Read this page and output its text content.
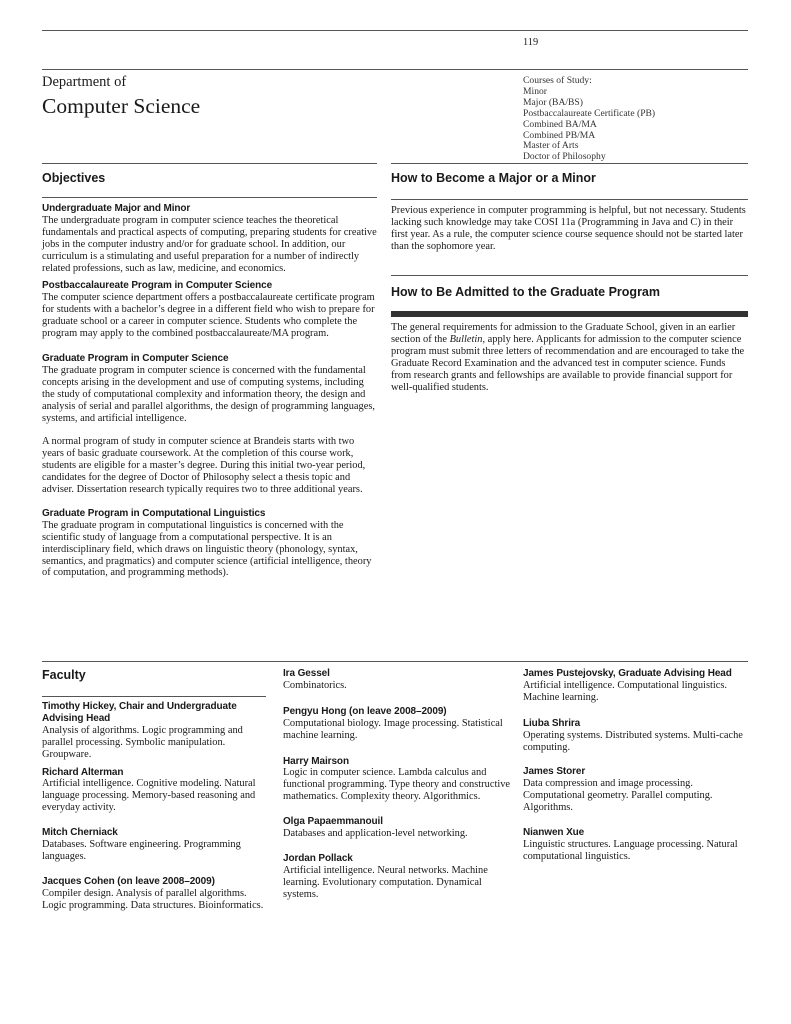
119
Department of
Computer Science
Courses of Study:
Minor
Major (BA/BS)
Postbaccalaureate Certificate (PB)
Combined BA/MA
Combined PB/MA
Master of Arts
Doctor of Philosophy
Objectives
Undergraduate Major and Minor

The undergraduate program in computer science teaches the theoretical fundamentals and practical aspects of computing, preparing students for creative jobs in the computer industry and/or for graduate school. In addition, our curriculum is a stimulating and useful preparation for a number of indirectly related professions, such as law, medicine, and economics.

Postbaccalaureate Program in Computer Science

The computer science department offers a postbaccalaureate certificate program for students with a bachelor’s degree in a different field who wish to prepare for graduate school or a career in computer science. Students who complete the program may apply to the combined postbaccalaureate/MA program.

Graduate Program in Computer Science

The graduate program in computer science is concerned with the fundamental concepts arising in the development and use of computing systems, including the study of computational complexity and information theory, the design and analysis of serial and parallel algorithms, the design of programming languages, systems, and artificial intelligence.

A normal program of study in computer science at Brandeis starts with two years of basic graduate coursework. At the completion of this course work, students are eligible for a master’s degree. During this initial two-year period, candidates for the degree of Doctor of Philosophy select a thesis topic and adviser. Dissertation research typically requires two to three additional years.

Graduate Program in Computational Linguistics

The graduate program in computational linguistics is concerned with the scientific study of language from a computational perspective. It is an interdisciplinary field, which draws on linguistic theory (phonology, syntax, semantics, and pragmatics) and computer science (artificial intelligence, theory of computation, and programming methods).

How to Become a Major or a Minor

Previous experience in computer programming is helpful, but not necessary. Students lacking such knowledge may take COSI 11a (Programming in Java and C) in their first year. As a rule, the computer science course sequence should not be started later than the sophomore year.

How to Be Admitted to the Graduate Program

The general requirements for admission to the Graduate School, given in an earlier section of the Bulletin, apply here. Applicants for admission to the computer science program must submit three letters of recommendation and are encouraged to take the Graduate Record Examination and the advanced test in computer science. Funds from research grants and fellowships are available to provide financial support for well-qualified students.

Faculty
Timothy Hickey, Chair and Undergraduate Advising Head
Analysis of algorithms. Logic programming and parallel processing. Symbolic manipulation. Groupware.
Richard Alterman
Artificial intelligence. Cognitive modeling. Natural language processing. Memory-based reasoning and everyday activity.
Mitch Cherniack
Databases. Software engineering. Programming languages.
Jacques Cohen (on leave 2008–2009)
Compiler design. Analysis of parallel algorithms. Logic programming. Data structures. Bioinformatics.
Ira Gessel
Combinatorics.
Pengyu Hong (on leave 2008–2009)
Computational biology. Image processing. Statistical machine learning.
Harry Mairson
Logic in computer science. Lambda calculus and functional programming. Type theory and constructive mathematics. Complexity theory. Algorithmics.
Olga Papaemmanouil
Databases and application-level networking.
Jordan Pollack
Artificial intelligence. Neural networks. Machine learning. Evolutionary computation. Dynamical systems.
James Pustejovsky, Graduate Advising Head
Artificial intelligence. Computational linguistics. Machine learning.
Liuba Shrira
Operating systems. Distributed systems. Multi-cache computing.
James Storer
Data compression and image processing. Computational geometry. Parallel computing. Algorithms.
Nianwen Xue
Linguistic structures. Language processing. Natural computational linguistics.
